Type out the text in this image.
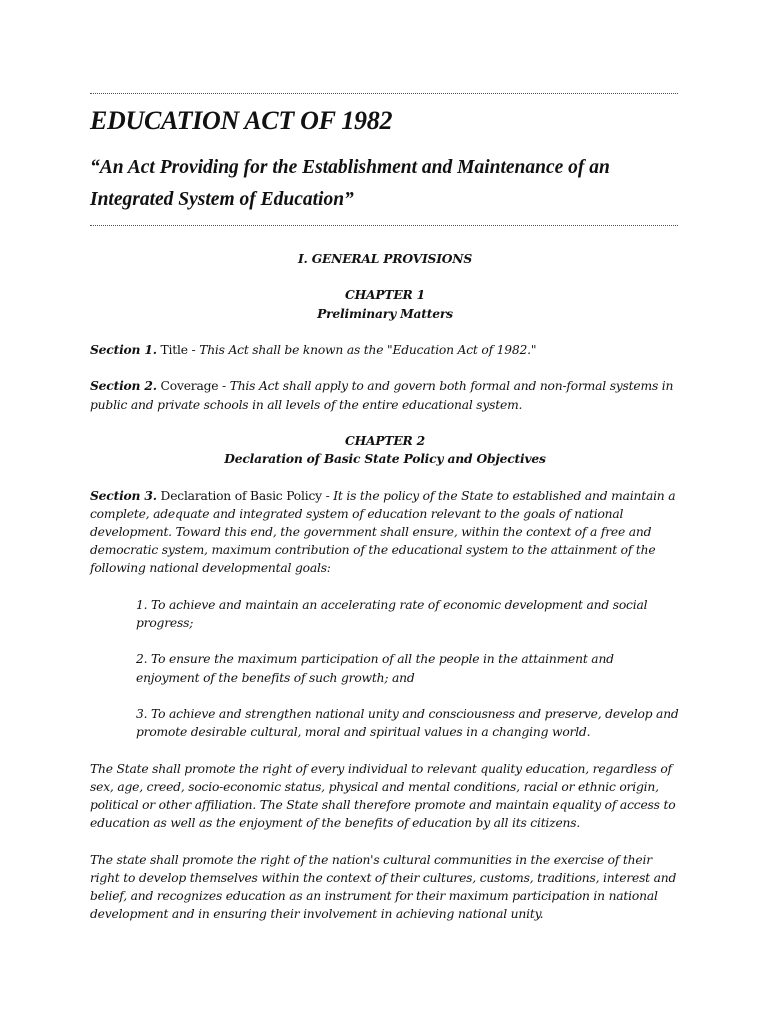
EDUCATION ACT OF 1982
“An Act Providing for the Establishment and Maintenance of an Integrated System of Education”

I. GENERAL PROVISIONS

CHAPTER 1

Preliminary Matters

Section 1. Title - This Act shall be known as the "Education Act of 1982."

Section 2. Coverage - This Act shall apply to and govern both formal and non-formal systems in public and private schools in all levels of the entire educational system.

CHAPTER 2

Declaration of Basic State Policy and Objectives

Section 3. Declaration of Basic Policy - It is the policy of the State to established and maintain a complete, adequate and integrated system of education relevant to the goals of national development. Toward this end, the government shall ensure, within the context of a free and democratic system, maximum contribution of the educational system to the attainment of the following national developmental goals:

1. To achieve and maintain an accelerating rate of economic development and social progress;

2. To ensure the maximum participation of all the people in the attainment and enjoyment of the benefits of such growth; and

3. To achieve and strengthen national unity and consciousness and preserve, develop and promote desirable cultural, moral and spiritual values in a changing world.

The State shall promote the right of every individual to relevant quality education, regardless of sex, age, creed, socio-economic status, physical and mental conditions, racial or ethnic origin, political or other affiliation. The State shall therefore promote and maintain equality of access to education as well as the enjoyment of the benefits of education by all its citizens.

The state shall promote the right of the nation's cultural communities in the exercise of their right to develop themselves within the context of their cultures, customs, traditions, interest and belief, and recognizes education as an instrument for their maximum participation in national development and in ensuring their involvement in achieving national unity.
